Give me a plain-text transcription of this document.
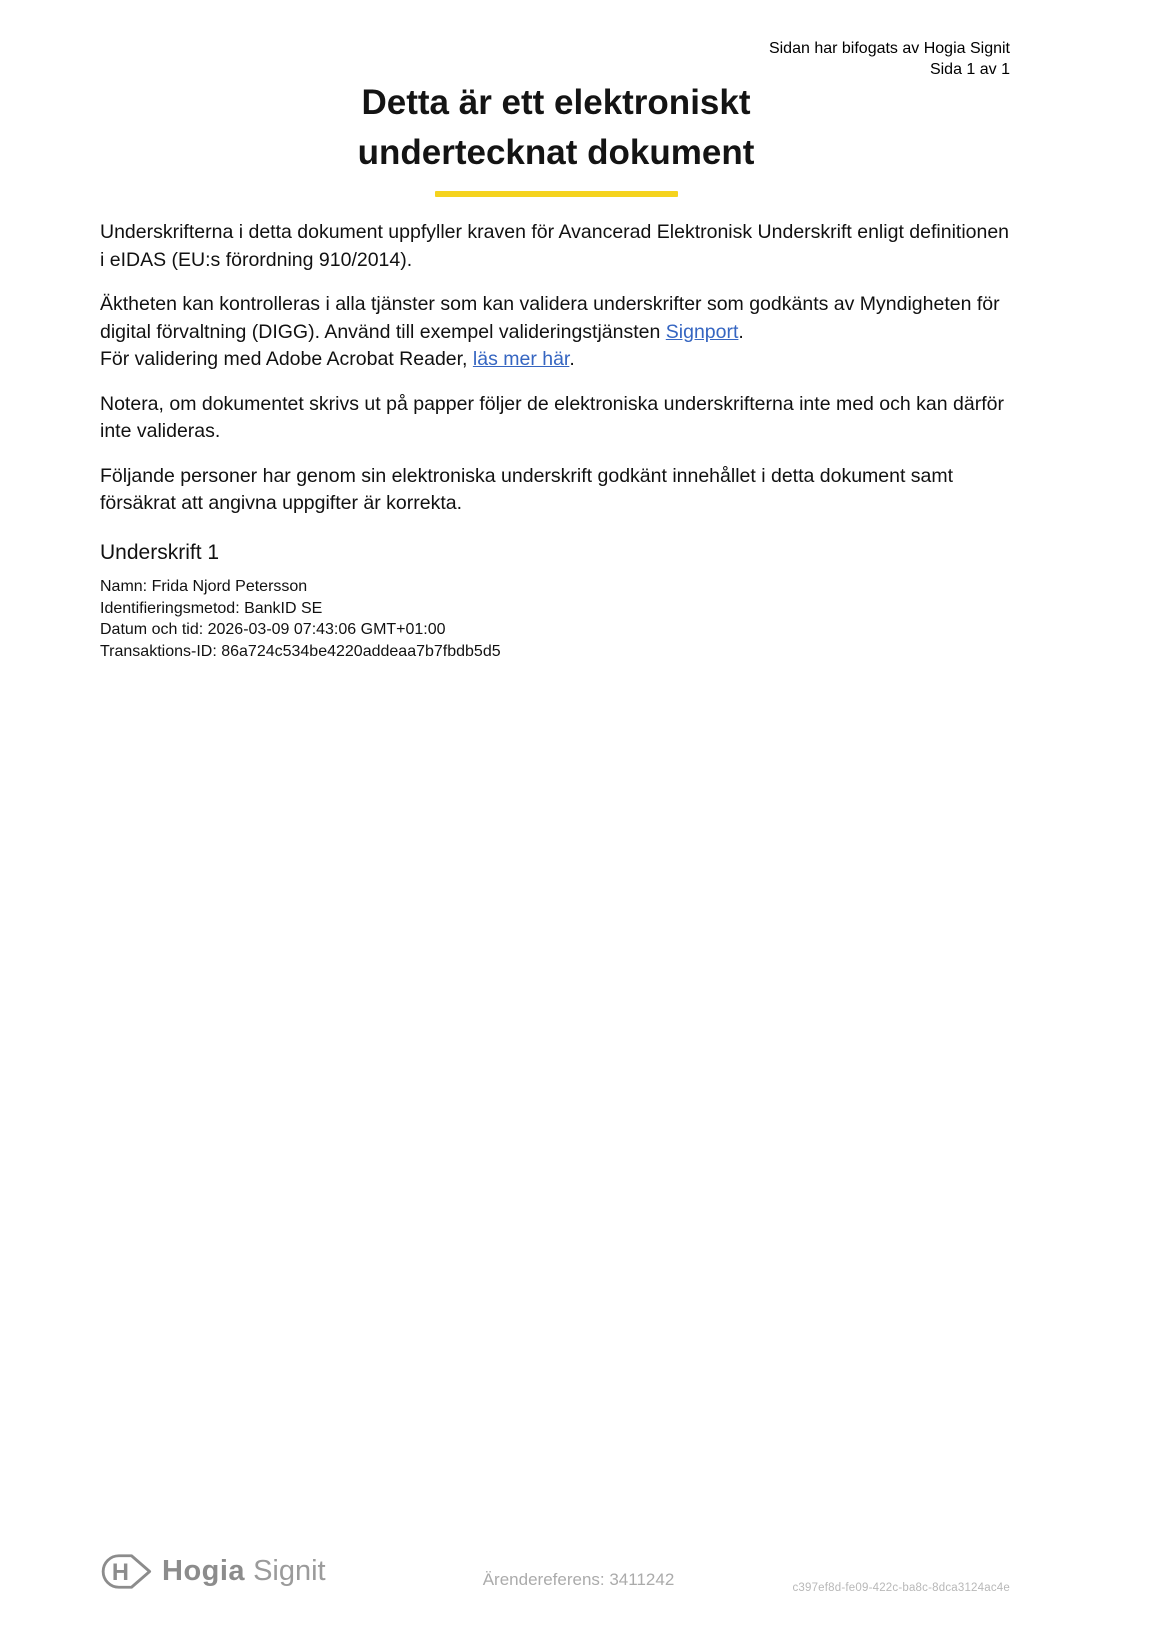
Sidan har bifogats av Hogia Signit
Sida 1 av 1
Detta är ett elektroniskt
undertecknat dokument

Underskrifterna i detta dokument uppfyller kraven för Avancerad Elektronisk Underskrift enligt definitionen i eIDAS (EU:s förordning 910/2014).

Äktheten kan kontrolleras i alla tjänster som kan validera underskrifter som godkänts av Myndigheten för digital förvaltning (DIGG). Använd till exempel valideringstjänsten Signport.
För validering med Adobe Acrobat Reader, läs mer här.

Notera, om dokumentet skrivs ut på papper följer de elektroniska underskrifterna inte med och kan därför inte valideras.

Följande personer har genom sin elektroniska underskrift godkänt innehållet i detta dokument samt försäkrat att angivna uppgifter är korrekta.

Underskrift 1
Namn: Frida Njord Petersson
Identifieringsmetod: BankID SE
Datum och tid: 2026-03-09 07:43:06 GMT+01:00
Transaktions-ID: 86a724c534be4220addeaa7b7fbdb5d5
H Hogia Signit	Ärendereferens: 3411242	c397ef8d-fe09-422c-ba8c-8dca3124ac4e
